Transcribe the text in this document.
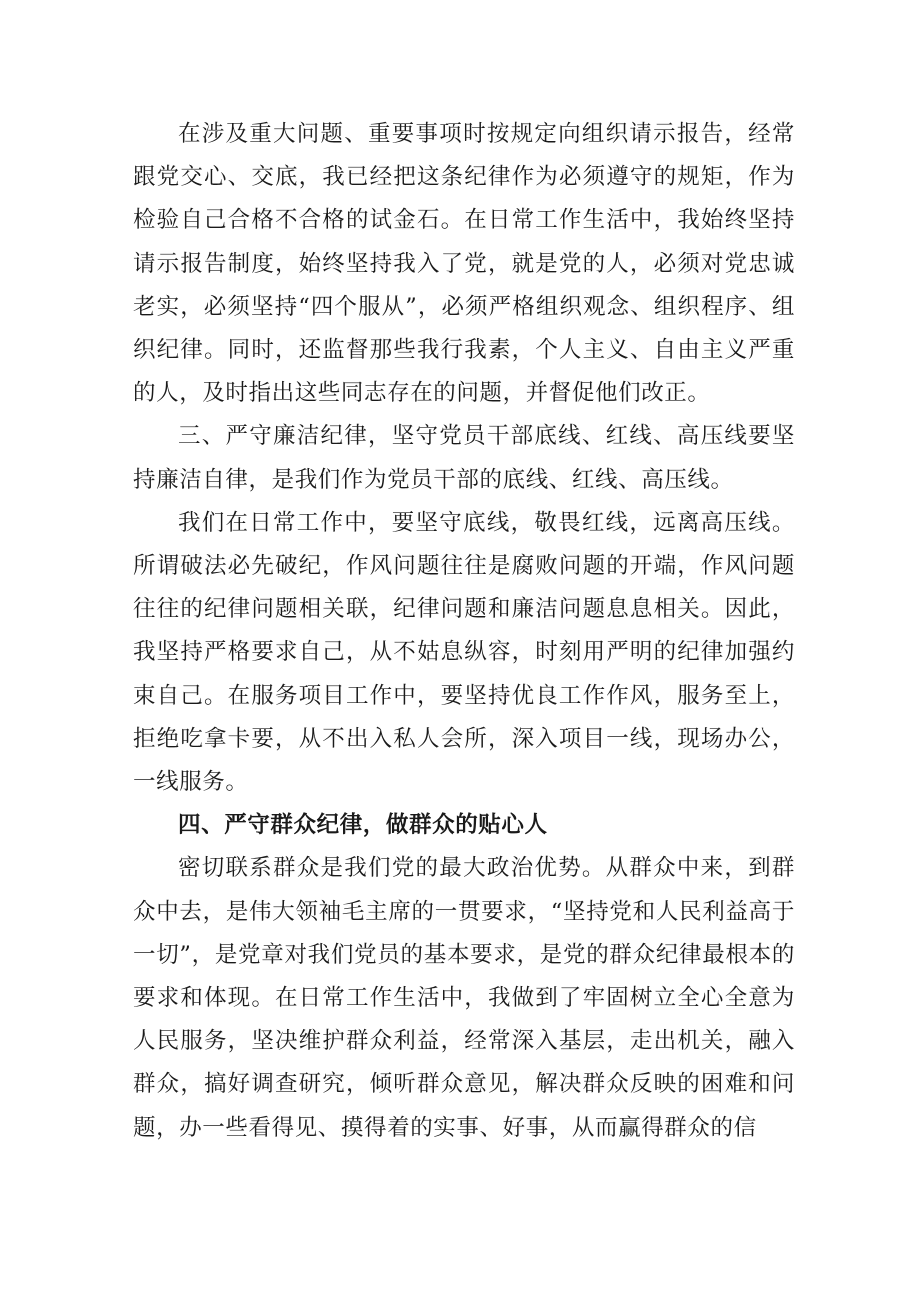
在涉及重大问题、重要事项时按规定向组织请示报告，经常跟党交心、交底，我已经把这条纪律作为必须遵守的规矩，作为检验自己合格不合格的试金石。在日常工作生活中，我始终坚持请示报告制度，始终坚持我入了党，就是党的人，必须对党忠诚老实，必须坚持“四个服从”，必须严格组织观念、组织程序、组织纪律。同时，还监督那些我行我素，个人主义、自由主义严重的人，及时指出这些同志存在的问题，并督促他们改正。

三、严守廉洁纪律，坚守党员干部底线、红线、高压线要坚持廉洁自律，是我们作为党员干部的底线、红线、高压线。

我们在日常工作中，要坚守底线，敬畏红线，远离高压线。所谓破法必先破纪，作风问题往往是腐败问题的开端，作风问题往往的纪律问题相关联，纪律问题和廉洁问题息息相关。因此，我坚持严格要求自己，从不姑息纵容，时刻用严明的纪律加强约束自己。在服务项目工作中，要坚持优良工作作风，服务至上，拒绝吃拿卡要，从不出入私人会所，深入项目一线，现场办公，一线服务。

四、严守群众纪律，做群众的贴心人

密切联系群众是我们党的最大政治优势。从群众中来，到群众中去，是伟大领袖毛主席的一贯要求，“坚持党和人民利益高于一切”，是党章对我们党员的基本要求，是党的群众纪律最根本的要求和体现。在日常工作生活中，我做到了牢固树立全心全意为人民服务，坚决维护群众利益，经常深入基层，走出机关，融入群众，搞好调查研究，倾听群众意见，解决群众反映的困难和问题，办一些看得见、摸得着的实事、好事，从而赢得群众的信
